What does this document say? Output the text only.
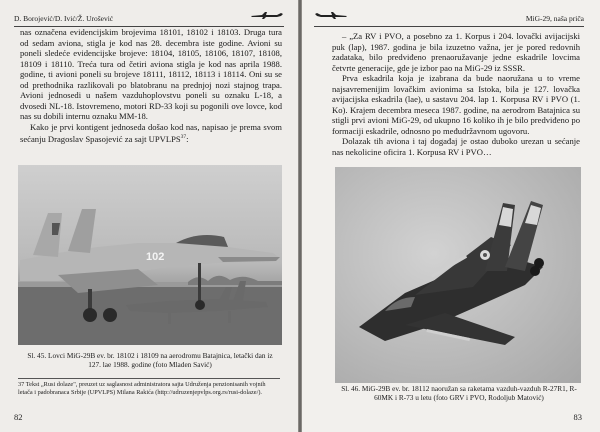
D. Borojević/D. Ivić/Ž. Urošević

nas označena evidencijskim brojevima 18101, 18102 i 18103. Druga tura od sedam aviona, stigla je kod nas 28. decembra iste godine. Avioni su poneli sledeće evidencijske brojeve: 18104, 18105, 18106, 18107, 18108, 18109 i 18110. Treća tura od četiri aviona stigla je kod nas aprila 1988. godine, ti avioni poneli su brojeve 18111, 18112, 18113 i 18114. Oni su se od prethodnika razlikovali po blatobranu na prednjoj nozi stajnog trapa. Avioni jednosedi u našem vazduhoplovstvu poneli su oznaku L-18, a dvosedi NL-18. Istovremeno, motori RD-33 koji su pogonili ove lovce, kod nas su dobili internu oznaku MM-18.

Kako je prvi kontigent jednoseda došao kod nas, napisao je prema svom sećanju Dragoslav Spasojević za sajt UPVLPS$^{37}$:

102
Sl. 45. Lovci MiG-29B ev. br. 18102 i 18109 na aerodromu Batajnica, letački dan iz 127. lae 1988. godine (foto Mladen Savić)
37 Tekst „Rusi dolaze", preuzet uz saglasnost administratora sajta Udruženja penzionisanih vojnih letača i padobranaca Srbije (UPVLPS) Milana Rakića (http://udruzenjepvlps.org.rs/rusi-dolaze/).
82
MiG-29, naša priča

– „Za RV i PVO, a posebno za 1. Korpus i 204. lovački avijacijski puk (lap), 1987. godina je bila izuzetno važna, jer je pored redovnih zadataka, bilo predviđeno prenaoružavanje jedne eskadrile lovcima četvrte generacije, gde je izbor pao na MiG-29 iz SSSR.

Prva eskadrila koja je izabrana da bude naoružana u to vreme najsavremenijim lovačkim avionima sa Istoka, bila je 127. lovačka avijacijska eskadrila (lae), u sastavu 204. lap 1. Korpusa RV i PVO (1. Ko). Krajem decembra meseca 1987. godine, na aerodrom Batajnica su stigli prvi avioni MiG-29, od ukupno 16 koliko ih je bilo predviđeno po formaciji eskadrile, odnosno po međudržavnom ugovoru.

Dolazak tih aviona i taj događaj je ostao duboko urezan u sećanje nas nekolicine oficira 1. Korpusa RV i PVO…

Sl. 46. MiG-29B ev. br. 18112 naoružan sa raketama vazduh-vazduh R-27R1, R-60MK i R-73 u letu (foto GRV i PVO, Rodoljub Matović)
83
